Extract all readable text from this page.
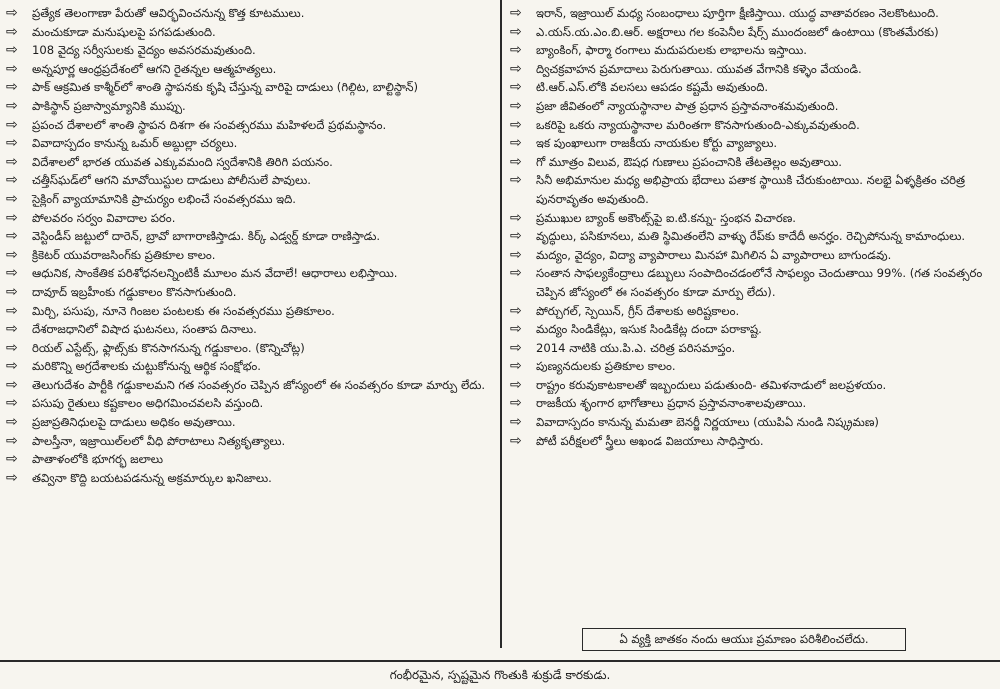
⇨	ప్రత్యేక తెలంగాణా పేరుతో ఆవిర్భవించనున్న కొత్త కూటములు.
⇨	మంచుకూడా మనుషులపై పగపడుతుంది.
⇨	108 వైద్య సర్వీసులకు వైద్యం అవసరమవుతుంది.
⇨	అన్నపూర్ణ ఆంధ్రప్రదేశంలో ఆగని రైతన్నల ఆత్మహత్యలు.
⇨	పాక్ ఆక్రమిత కాశ్మీర్‌లో శాంతి స్థాపనకు కృషి చేస్తున్న వారిపై దాడులు (గిల్గిట, బాల్టిస్థాన్)
⇨	పాకిస్థాన్ ప్రజాస్వామ్యానికి ముప్పు.
⇨	ప్రపంచ దేశాలలో శాంతి స్థాపన దిశగా ఈ సంవత్సరము మహిళలదే ప్రథమస్థానం.
⇨	వివాదాస్పదం కానున్న ఒమర్ అబ్దుల్లా చర్యలు.
⇨	విదేశాలలో భారత యువత ఎక్కువమంది స్వదేశానికి తిరిగి పయనం.
⇨	చత్తీస్‌ఘడ్‌లో ఆగని మావోయిస్టుల దాడులు పోలీసులే పావులు.
⇨	సైక్లింగ్ వ్యాయామానికి ప్రాచుర్యం లభించే సంవత్సరము ఇది.
⇨	పోలవరం సర్వం వివాదాల పరం.
⇨	వెస్టిండీస్ జట్టులో దారెన్, బ్రావో బాగారాణిస్తాడు. కిర్క్ ఎడ్వర్డ్ కూడా రాణిస్తాడు.
⇨	క్రికెటర్ యువరాజసింగ్‌కు ప్రతికూల కాలం.
⇨	ఆధునిక, సాంకేతిక పరిశోధనలన్నింటికీ మూలం మన వేదాలే! ఆధారాలు లభిస్తాయి.
⇨	దావూద్ ఇబ్రహీంకు గడ్డుకాలం కొనసాగుతుంది.
⇨	మిర్చి, పసుపు, నూనె గింజల పంటలకు ఈ సంవత్సరము ప్రతికూలం.
⇨	దేశరాజధానిలో విషాద ఘటనలు, సంతాప దినాలు.
⇨	రియల్ ఎస్టేట్స్, ఫ్లాట్స్‌కు కొనసాగనున్న గడ్డుకాలం. (కొన్నిచోట్ల)
⇨	మరికొన్ని అగ్రదేశాలకు చుట్టుకోనున్న ఆర్థిక సంక్షోభం.
⇨	తెలుగుదేశం పార్టీకి గడ్డుకాలమని గత సంవత్సరం చెప్పిన జోస్యంలో ఈ సంవత్సరం కూడా మార్పు లేదు.
⇨	పసుపు రైతులు కష్టకాలం అధిగమించవలసి వస్తుంది.
⇨	ప్రజాప్రతినిధులపై దాడులు అధికం అవుతాయి.
⇨	పాలస్తీనా, ఇజ్రాయిల్‌లలో వీధి పోరాటాలు నిత్యకృత్యాలు.
⇨	పాతాళంలోకి భూగర్భ జలాలు
⇨	తవ్వినా కొద్ది బయటపడనున్న అక్రమార్కుల ఖనిజాలు.
⇨	ఇరాన్, ఇజ్రాయిల్ మధ్య సంబంధాలు పూర్తిగా క్షీణిస్తాయి. యుద్ధ వాతావరణం నెలకొంటుంది.
⇨	ఎ.యస్.య.ఎం.బి.ఆర్. అక్షరాలు గల కంపెనీల షేర్స్ ముందంజలో ఉంటాయి (కొంతమేరకు)
⇨	బ్యాంకింగ్, ఫార్మా రంగాలు మదుపరులకు లాభాలను ఇస్తాయి.
⇨	ద్విచక్రవాహన ప్రమాదాలు పెరుగుతాయి. యువత వేగానికి కళ్ళెం వేయండి.
⇨	టి.ఆర్.ఎస్.లోకి వలసలు ఆపడం కష్టమే అవుతుంది.
⇨	ప్రజా జీవితంలో న్యాయస్థానాల పాత్ర ప్రధాన ప్రస్తావనాంశమవుతుంది.
⇨	ఒకరిపై ఒకరు న్యాయస్థానాల మరింతగా కొనసాగుతుంది-ఎక్కువవుతుంది.
⇨	ఇక పుంఖాలుగా రాజకీయ నాయకుల కోర్టు వ్యాజ్యాలు.
⇨	గో మూత్రం విలువ, ఔషధ గుణాలు ప్రపంచానికి తేటతెల్లం అవుతాయి.
⇨	సినీ అభిమానుల మధ్య అభిప్రాయ భేదాలు పతాక స్థాయికి చేరుకుంటాయి. నలభై ఏళ్ళక్రితం చరిత్ర పునరావృతం అవుతుంది.
⇨	ప్రముఖుల బ్యాంక్ అకౌంట్స్‌పై ఐ.టి.కన్ను- స్తంభన విచారణ.
⇨	వృద్ధులు, పసికూనలు, మతి స్థిమితంలేని వాళ్ళు రేప్‌కు కాదేదీ అనర్హం. రెచ్చిపోనున్న కామాంధులు.
⇨	మద్యం, వైద్యం, విద్యా వ్యాపారాలు మినహా మిగిలిన ఏ వ్యాపారాలు బాగుండవు.
⇨	సంతాన సాఫల్యకేంద్రాలు డబ్బులు సంపాదించడంలోనే సాఫల్యం చెందుతాయి 99%. (గత సంవత్సరం చెప్పిన జోస్యంలో ఈ సంవత్సరం కూడా మార్పు లేదు).
⇨	పోర్చుగల్, స్పెయిన్, గ్రీస్ దేశాలకు అరిష్టకాలం.
⇨	మద్యం సిండికేట్లు, ఇసుక సిండికేట్ల దందా పరాకాష్ట.
⇨	2014 నాటికి యు.పి.ఎ. చరిత్ర పరిసమాప్తం.
⇨	పుణ్యనదులకు ప్రతికూల కాలం.
⇨	రాష్ట్రం కరువుకాటకాలతో ఇబ్బందులు పడుతుంది- తమిళనాడులో జలప్రళయం.
⇨	రాజకీయ శృంగార భాగోతాలు ప్రధాన ప్రస్తావనాంశాలవుతాయి.
⇨	వివాదాస్పదం కానున్న మమతా బెనర్జీ నిర్ణయాలు (యుపిఏ నుండి నిష్క్రమణ)
⇨	పోటీ పరీక్షలలో స్త్రీలు అఖండ విజయాలు సాధిస్తారు.
ఏ వ్యక్తి జాతకం నందు ఆయుః ప్రమాణం పరిశీలించలేదు.
గంభీరమైన, స్పష్టమైన గొంతుకి శుక్రుడే కారకుడు.
